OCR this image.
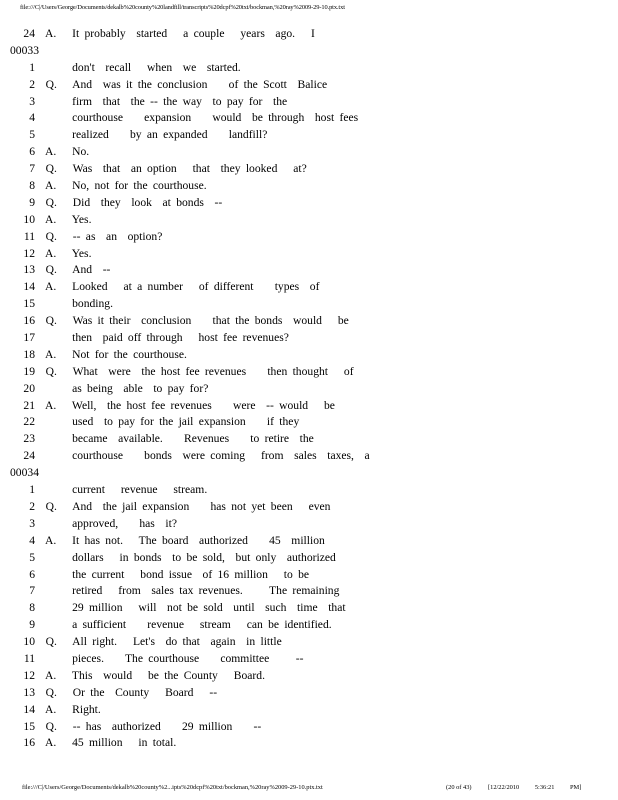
file:///C|/Users/George/Documents/dekalb%20county%20landfill/transcripts%20dcpf%20txt/bockman,%20ray%2009-29-10.ptx.txt
24 A.   It probably  started   a couple   years  ago.   I
00033
1       don't  recall   when  we  started.
2 Q.   And  was it the conclusion    of the Scott  Balice
3       firm  that  the -- the way  to pay for  the
4       courthouse    expansion    would  be through  host fees
5       realized    by an expanded    landfill?
6 A.   No.
7 Q.   Was  that  an option   that  they looked   at?
8 A.   No, not for the courthouse.
9 Q.   Did  they  look  at bonds  --
10 A.   Yes.
11 Q.   -- as  an  option?
12 A.   Yes.
13 Q.   And  --
14 A.   Looked   at a number   of different    types  of
15       bonding.
16 Q.   Was it their  conclusion    that the bonds  would   be
17       then  paid off through   host fee revenues?
18 A.   Not for the courthouse.
19 Q.   What  were  the host fee revenues    then thought   of
20       as being  able  to pay for?
21 A.   Well,  the host fee revenues    were  -- would   be
22       used  to pay for the jail expansion    if they
23       became  available.    Revenues    to retire  the
24       courthouse    bonds  were coming   from  sales  taxes,  a
00034
1       current   revenue   stream.
2 Q.   And  the jail expansion    has not yet been   even
3       approved,    has  it?
4 A.   It has not.   The board  authorized    45  million
5       dollars   in bonds  to be sold,  but only  authorized
6       the current   bond issue  of 16 million   to be
7       retired   from  sales tax revenues.     The remaining
8       29 million   will  not be sold  until  such  time  that
9       a sufficient    revenue   stream   can be identified.
10 Q.   All right.   Let's  do that  again  in little
11       pieces.    The courthouse    committee     --
12 A.   This  would   be the County   Board.
13 Q.   Or the  County   Board   --
14 A.   Right.
15 Q.   -- has  authorized    29 million    --
16 A.   45 million   in total.
file:///C|/Users/George/Documents/dekalb%20county%2...ipts%20dcpf%20txt/bockman,%20ray%2009-29-10.ptx.txt	(20 of 43)	[12/22/2010 5:36:21 PM]
